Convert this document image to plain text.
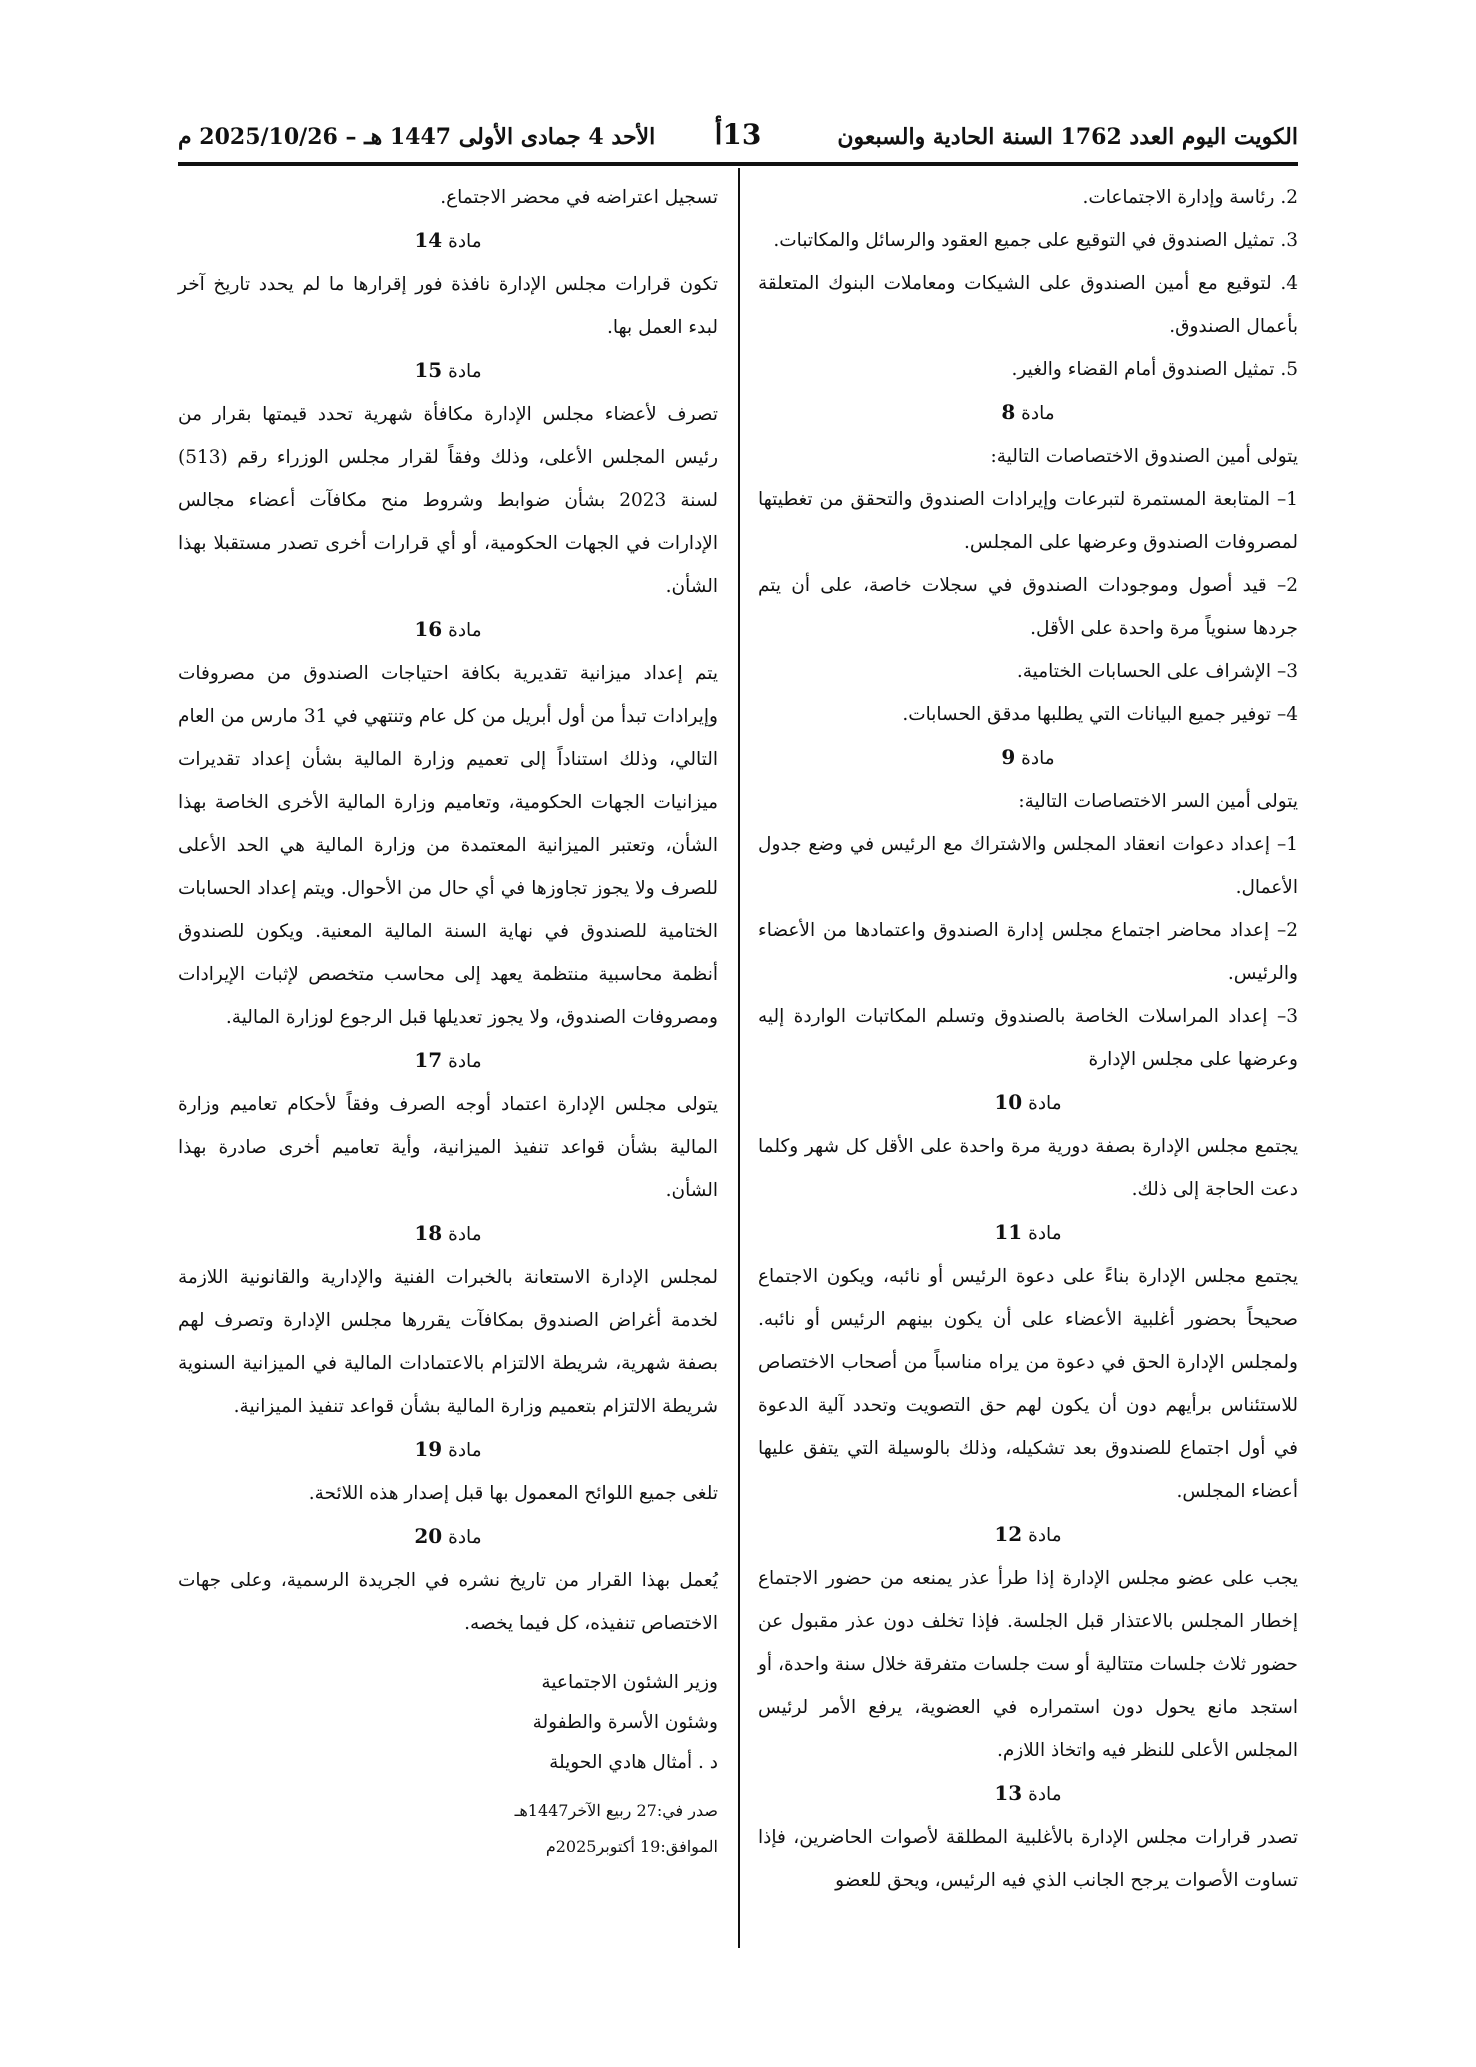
الكويت اليوم العدد 1762 السنة الحادية والسبعون
13أ
الأحد 4 جمادى الأولى 1447 هـ – 2025/10/26 م

2. رئاسة وإدارة الاجتماعات.

3. تمثيل الصندوق في التوقيع على جميع العقود والرسائل والمكاتبات.

4. لتوقيع مع أمين الصندوق على الشيكات ومعاملات البنوك المتعلقة بأعمال الصندوق.

5. تمثيل الصندوق أمام القضاء والغير.

مادة 8

يتولى أمين الصندوق الاختصاصات التالية:

1– المتابعة المستمرة لتبرعات وإيرادات الصندوق والتحقق من تغطيتها لمصروفات الصندوق وعرضها على المجلس.

2– قيد أصول وموجودات الصندوق في سجلات خاصة، على أن يتم جردها سنوياً مرة واحدة على الأقل.

3– الإشراف على الحسابات الختامية.

4– توفير جميع البيانات التي يطلبها مدقق الحسابات.

مادة 9

يتولى أمين السر الاختصاصات التالية:

1– إعداد دعوات انعقاد المجلس والاشتراك مع الرئيس في وضع جدول الأعمال.

2– إعداد محاضر اجتماع مجلس إدارة الصندوق واعتمادها من الأعضاء والرئيس.

3– إعداد المراسلات الخاصة بالصندوق وتسلم المكاتبات الواردة إليه وعرضها على مجلس الإدارة

مادة 10

يجتمع مجلس الإدارة بصفة دورية مرة واحدة على الأقل كل شهر وكلما دعت الحاجة إلى ذلك.

مادة 11

يجتمع مجلس الإدارة بناءً على دعوة الرئيس أو نائبه، ويكون الاجتماع صحيحاً بحضور أغلبية الأعضاء على أن يكون بينهم الرئيس أو نائبه. ولمجلس الإدارة الحق في دعوة من يراه مناسباً من أصحاب الاختصاص للاستئناس برأيهم دون أن يكون لهم حق التصويت وتحدد آلية الدعوة في أول اجتماع للصندوق بعد تشكيله، وذلك بالوسيلة التي يتفق عليها أعضاء المجلس.

مادة 12

يجب على عضو مجلس الإدارة إذا طرأ عذر يمنعه من حضور الاجتماع إخطار المجلس بالاعتذار قبل الجلسة. فإذا تخلف دون عذر مقبول عن حضور ثلاث جلسات متتالية أو ست جلسات متفرقة خلال سنة واحدة، أو استجد مانع يحول دون استمراره في العضوية، يرفع الأمر لرئيس المجلس الأعلى للنظر فيه واتخاذ اللازم.

مادة 13

تصدر قرارات مجلس الإدارة بالأغلبية المطلقة لأصوات الحاضرين، فإذا تساوت الأصوات يرجح الجانب الذي فيه الرئيس، ويحق للعضو

تسجيل اعتراضه في محضر الاجتماع.

مادة 14

تكون قرارات مجلس الإدارة نافذة فور إقرارها ما لم يحدد تاريخ آخر لبدء العمل بها.

مادة 15

تصرف لأعضاء مجلس الإدارة مكافأة شهرية تحدد قيمتها بقرار من رئيس المجلس الأعلى، وذلك وفقاً لقرار مجلس الوزراء رقم (513) لسنة 2023 بشأن ضوابط وشروط منح مكافآت أعضاء مجالس الإدارات في الجهات الحكومية، أو أي قرارات أخرى تصدر مستقبلا بهذا الشأن.

مادة 16

يتم إعداد ميزانية تقديرية بكافة احتياجات الصندوق من مصروفات وإيرادات تبدأ من أول أبريل من كل عام وتنتهي في 31 مارس من العام التالي، وذلك استناداً إلى تعميم وزارة المالية بشأن إعداد تقديرات ميزانيات الجهات الحكومية، وتعاميم وزارة المالية الأخرى الخاصة بهذا الشأن، وتعتبر الميزانية المعتمدة من وزارة المالية هي الحد الأعلى للصرف ولا يجوز تجاوزها في أي حال من الأحوال. ويتم إعداد الحسابات الختامية للصندوق في نهاية السنة المالية المعنية. ويكون للصندوق أنظمة محاسبية منتظمة يعهد إلى محاسب متخصص لإثبات الإيرادات ومصروفات الصندوق، ولا يجوز تعديلها قبل الرجوع لوزارة المالية.

مادة 17

يتولى مجلس الإدارة اعتماد أوجه الصرف وفقاً لأحكام تعاميم وزارة المالية بشأن قواعد تنفيذ الميزانية، وأية تعاميم أخرى صادرة بهذا الشأن.

مادة 18

لمجلس الإدارة الاستعانة بالخبرات الفنية والإدارية والقانونية اللازمة لخدمة أغراض الصندوق بمكافآت يقررها مجلس الإدارة وتصرف لهم بصفة شهرية، شريطة الالتزام بالاعتمادات المالية في الميزانية السنوية شريطة الالتزام بتعميم وزارة المالية بشأن قواعد تنفيذ الميزانية.

مادة 19

تلغى جميع اللوائح المعمول بها قبل إصدار هذه اللائحة.

مادة 20

يُعمل بهذا القرار من تاريخ نشره في الجريدة الرسمية، وعلى جهات الاختصاص تنفيذه، كل فيما يخصه.

وزير الشئون الاجتماعية

وشئون الأسرة والطفولة

د . أمثال هادي الحويلة

صدر في:27 ربيع الآخر1447هـ
الموافق:19 أكتوبر2025م
